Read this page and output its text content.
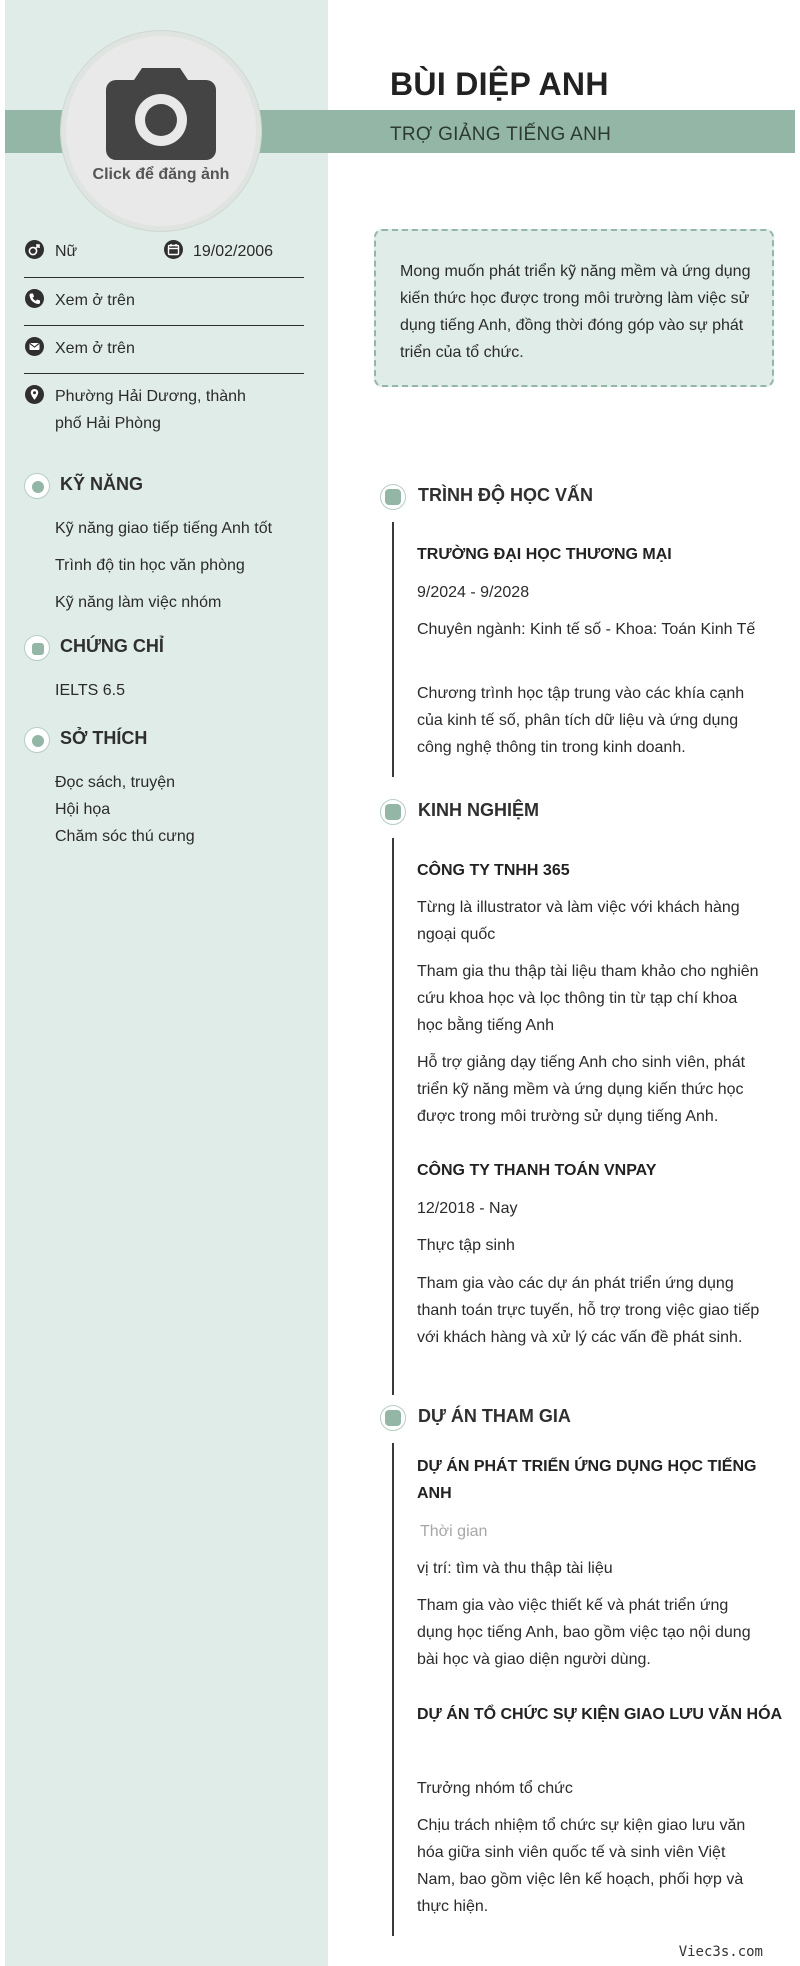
BÙI DIỆP ANH
TRỢ GIẢNG TIẾNG ANH
Click để đăng ảnh
Nữ	19/02/2006
Xem ở trên
Xem ở trên
Phường Hải Dương, thành
phố Hải Phòng
KỸ NĂNG
Kỹ năng giao tiếp tiếng Anh tốt
Trình độ tin học văn phòng
Kỹ năng làm việc nhóm
CHỨNG CHỈ
IELTS 6.5
SỞ THÍCH
Đọc sách, truyện
Hội họa
Chăm sóc thú cưng
Mong muốn phát triển kỹ năng mềm và ứng dụng kiến thức học được trong môi trường làm việc sử dụng tiếng Anh, đồng thời đóng góp vào sự phát triển của tổ chức.
TRÌNH ĐỘ HỌC VẤN
TRƯỜNG ĐẠI HỌC THƯƠNG MẠI
9/2024 - 9/2028
Chuyên ngành: Kinh tế số - Khoa: Toán Kinh Tế
Chương trình học tập trung vào các khía cạnh của kinh tế số, phân tích dữ liệu và ứng dụng công nghệ thông tin trong kinh doanh.
KINH NGHIỆM
CÔNG TY TNHH 365
Từng là illustrator và làm việc với khách hàng ngoại quốc
Tham gia thu thập tài liệu tham khảo cho nghiên cứu khoa học và lọc thông tin từ tạp chí khoa học bằng tiếng Anh
Hỗ trợ giảng dạy tiếng Anh cho sinh viên, phát triển kỹ năng mềm và ứng dụng kiến thức học được trong môi trường sử dụng tiếng Anh.
CÔNG TY THANH TOÁN VNPAY
12/2018 - Nay
Thực tập sinh
Tham gia vào các dự án phát triển ứng dụng thanh toán trực tuyến, hỗ trợ trong việc giao tiếp với khách hàng và xử lý các vấn đề phát sinh.
DỰ ÁN THAM GIA
DỰ ÁN PHÁT TRIỂN ỨNG DỤNG HỌC TIẾNG ANH
Thời gian
vị trí: tìm và thu thập tài liệu
Tham gia vào việc thiết kế và phát triển ứng dụng học tiếng Anh, bao gồm việc tạo nội dung bài học và giao diện người dùng.
DỰ ÁN TỔ CHỨC SỰ KIỆN GIAO LƯU VĂN HÓA
Trưởng nhóm tổ chức
Chịu trách nhiệm tổ chức sự kiện giao lưu văn hóa giữa sinh viên quốc tế và sinh viên Việt Nam, bao gồm việc lên kế hoạch, phối hợp và thực hiện.
Viec3s.com
